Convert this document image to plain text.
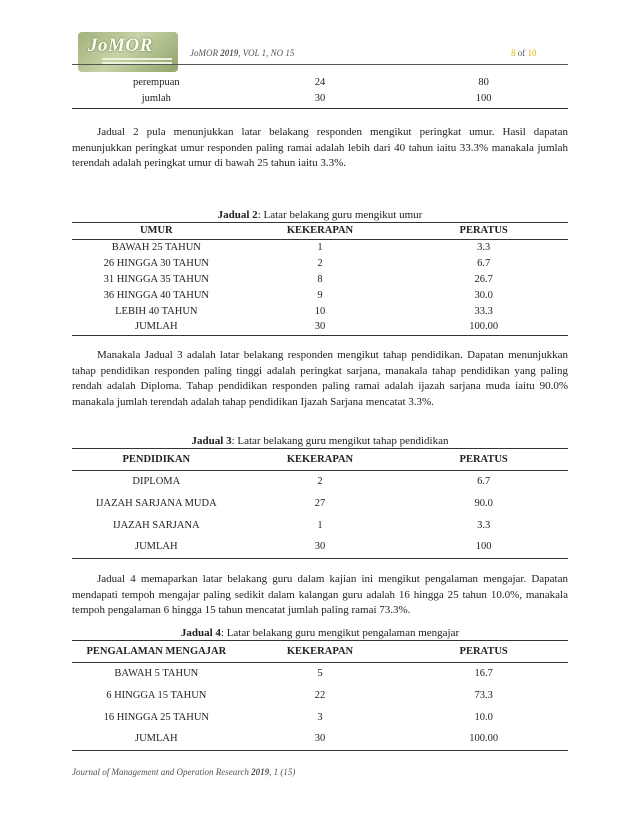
JoMOR	JoMOR 2019, VOL 1, NO 15	8 of 10
perempuan	24	80
jumlah	30	100

Jadual 2 pula menunjukkan latar belakang responden mengikut peringkat umur. Hasil dapatan menunjukkan peringkat umur responden paling ramai adalah lebih dari 40 tahun iaitu 33.3% manakala jumlah terendah adalah peringkat umur di bawah 25 tahun iaitu 3.3%.

Jadual 2: Latar belakang guru mengikut umur
UMUR	KEKERAPAN	PERATUS
BAWAH 25 TAHUN	1	3.3
26 HINGGA 30 TAHUN	2	6.7
31 HINGGA 35 TAHUN	8	26.7
36 HINGGA 40 TAHUN	9	30.0
LEBIH 40 TAHUN	10	33.3
JUMLAH	30	100.00

Manakala Jadual 3 adalah latar belakang responden mengikut tahap pendidikan. Dapatan menunjukkan tahap pendidikan responden paling tinggi adalah peringkat sarjana, manakala tahap pendidikan yang paling rendah adalah Diploma. Tahap pendidikan responden paling ramai adalah ijazah sarjana muda iaitu 90.0% manakala jumlah terendah adalah tahap pendidikan Ijazah Sarjana mencatat 3.3%.

Jadual 3: Latar belakang guru mengikut tahap pendidikan
PENDIDIKAN	KEKERAPAN	PERATUS
DIPLOMA	2	6.7
IJAZAH SARJANA MUDA	27	90.0
IJAZAH SARJANA	1	3.3
JUMLAH	30	100

Jadual 4 memaparkan latar belakang guru dalam kajian ini mengikut pengalaman mengajar. Dapatan mendapati tempoh mengajar paling sedikit dalam kalangan guru adalah 16 hingga 25 tahun 10.0%, manakala tempoh pengalaman 6 hingga 15 tahun mencatat jumlah paling ramai 73.3%.

Jadual 4: Latar belakang guru mengikut pengalaman mengajar
PENGALAMAN MENGAJAR	KEKERAPAN	PERATUS
BAWAH 5 TAHUN	5	16.7
6 HINGGA 15 TAHUN	22	73.3
16 HINGGA 25 TAHUN	3	10.0
JUMLAH	30	100.00
Journal of Management and Operation Research 2019, 1 (15)
